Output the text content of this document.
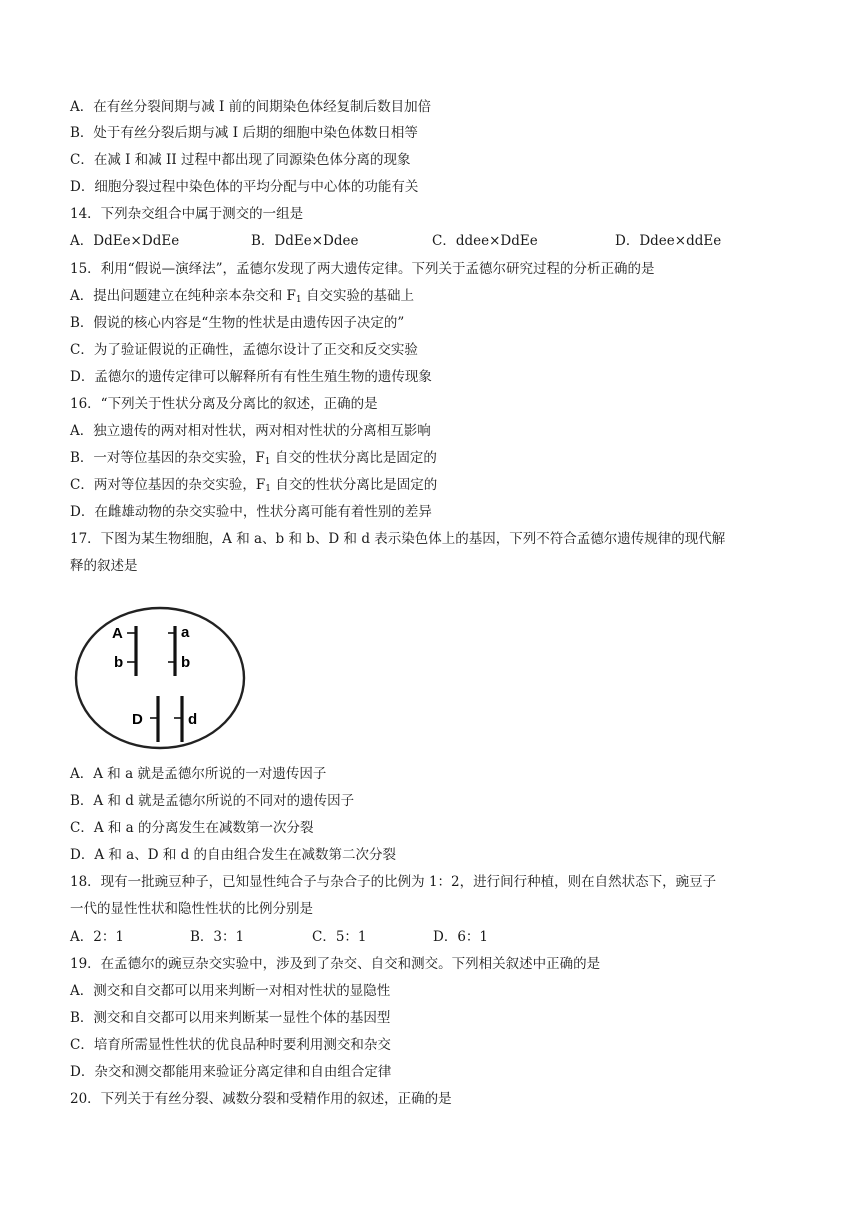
A．在有丝分裂间期与减 I 前的间期染色体经复制后数目加倍
B．处于有丝分裂后期与减 I 后期的细胞中染色体数日相等
C．在减 I 和减 II 过程中都出现了同源染色体分离的现象
D．细胞分裂过程中染色体的平均分配与中心体的功能有关
14．下列杂交组合中属于测交的一组是
15．利用“假说—演绎法”，孟德尔发现了两大遗传定律。下列关于孟德尔研究过程的分析正确的是
A．提出问题建立在纯种亲本杂交和 $F_1$ 自交实验的基础上
B．假说的核心内容是“生物的性状是由遗传因子决定的”
C．为了验证假说的正确性，孟德尔设计了正交和反交实验
D．孟德尔的遗传定律可以解释所有有性生殖生物的遗传现象
16．“下列关于性状分离及分离比的叙述，正确的是
A．独立遗传的两对相对性状，两对相对性状的分离相互影响
B．一对等位基因的杂交实验，$F_1$ 自交的性状分离比是固定的
C．两对等位基因的杂交实验，$F_1$ 自交的性状分离比是固定的
D．在雌雄动物的杂交实验中，性状分离可能有着性别的差异
17．下图为某生物细胞，A 和 a、b 和 b、D 和 d 表示染色体上的基因，下列不符合孟德尔遗传规律的现代解
释的叙述是
A．A 和 a 就是孟德尔所说的一对遗传因子
B．A 和 d 就是孟德尔所说的不同对的遗传因子
C．A 和 a 的分离发生在减数第一次分裂
D．A 和 a、D 和 d 的自由组合发生在减数第二次分裂
18．现有一批豌豆种子，已知显性纯合子与杂合子的比例为 1：2，进行间行种植，则在自然状态下，豌豆子
一代的显性性状和隐性性状的比例分别是
19．在孟德尔的豌豆杂交实验中，涉及到了杂交、自交和测交。下列相关叙述中正确的是
A．测交和自交都可以用来判断一对相对性状的显隐性
B．测交和自交都可以用来判断某一显性个体的基因型
C．培育所需显性性状的优良品种时要利用测交和杂交
D．杂交和测交都能用来验证分离定律和自由组合定律
20．下列关于有丝分裂、减数分裂和受精作用的叙述，正确的是
A．DdEe×DdEe	B．DdEe×Ddee	C．ddee×DdEe	D．Ddee×ddEe
A．2：1	B．3：1	C．5：1	D．6：1
A
b
a
b
D	d
